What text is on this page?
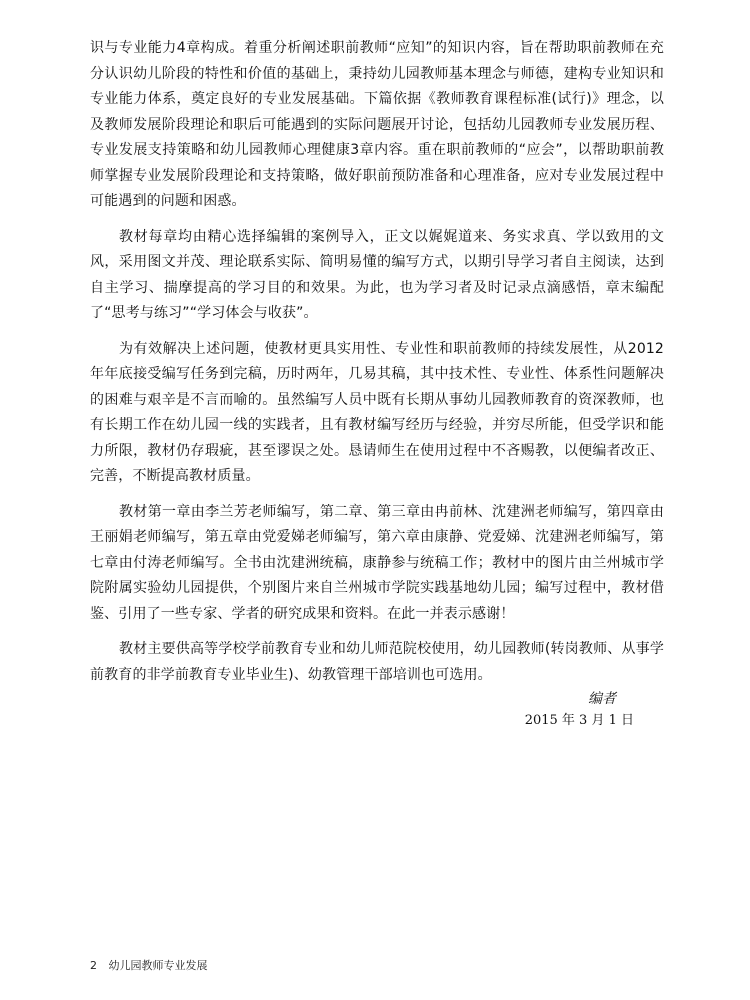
识与专业能力4章构成。着重分析阐述职前教师“应知”的知识内容，旨在帮助职前教师在充分认识幼儿阶段的特性和价值的基础上，秉持幼儿园教师基本理念与师德，建构专业知识和专业能力体系，奠定良好的专业发展基础。下篇依据《教师教育课程标准(试行)》理念，以及教师发展阶段理论和职后可能遇到的实际问题展开讨论，包括幼儿园教师专业发展历程、专业发展支持策略和幼儿园教师心理健康3章内容。重在职前教师的“应会”，以帮助职前教师掌握专业发展阶段理论和支持策略，做好职前预防准备和心理准备，应对专业发展过程中可能遇到的问题和困惑。

教材每章均由精心选择编辑的案例导入，正文以娓娓道来、务实求真、学以致用的文风，采用图文并茂、理论联系实际、简明易懂的编写方式，以期引导学习者自主阅读，达到自主学习、揣摩提高的学习目的和效果。为此，也为学习者及时记录点滴感悟，章末编配了“思考与练习”“学习体会与收获”。

为有效解决上述问题，使教材更具实用性、专业性和职前教师的持续发展性，从2012年年底接受编写任务到完稿，历时两年，几易其稿，其中技术性、专业性、体系性问题解决的困难与艰辛是不言而喻的。虽然编写人员中既有长期从事幼儿园教师教育的资深教师，也有长期工作在幼儿园一线的实践者，且有教材编写经历与经验，并穷尽所能，但受学识和能力所限，教材仍存瑕疵，甚至谬误之处。恳请师生在使用过程中不吝赐教，以便编者改正、完善，不断提高教材质量。

教材第一章由李兰芳老师编写，第二章、第三章由冉前林、沈建洲老师编写，第四章由王丽娟老师编写，第五章由党爱娣老师编写，第六章由康静、党爱娣、沈建洲老师编写，第七章由付涛老师编写。全书由沈建洲统稿，康静参与统稿工作；教材中的图片由兰州城市学院附属实验幼儿园提供，个别图片来自兰州城市学院实践基地幼儿园；编写过程中，教材借鉴、引用了一些专家、学者的研究成果和资料。在此一并表示感谢！

教材主要供高等学校学前教育专业和幼儿师范院校使用，幼儿园教师(转岗教师、从事学前教育的非学前教育专业毕业生)、幼教管理干部培训也可选用。

编者
2015 年 3 月 1 日
2 幼儿园教师专业发展
